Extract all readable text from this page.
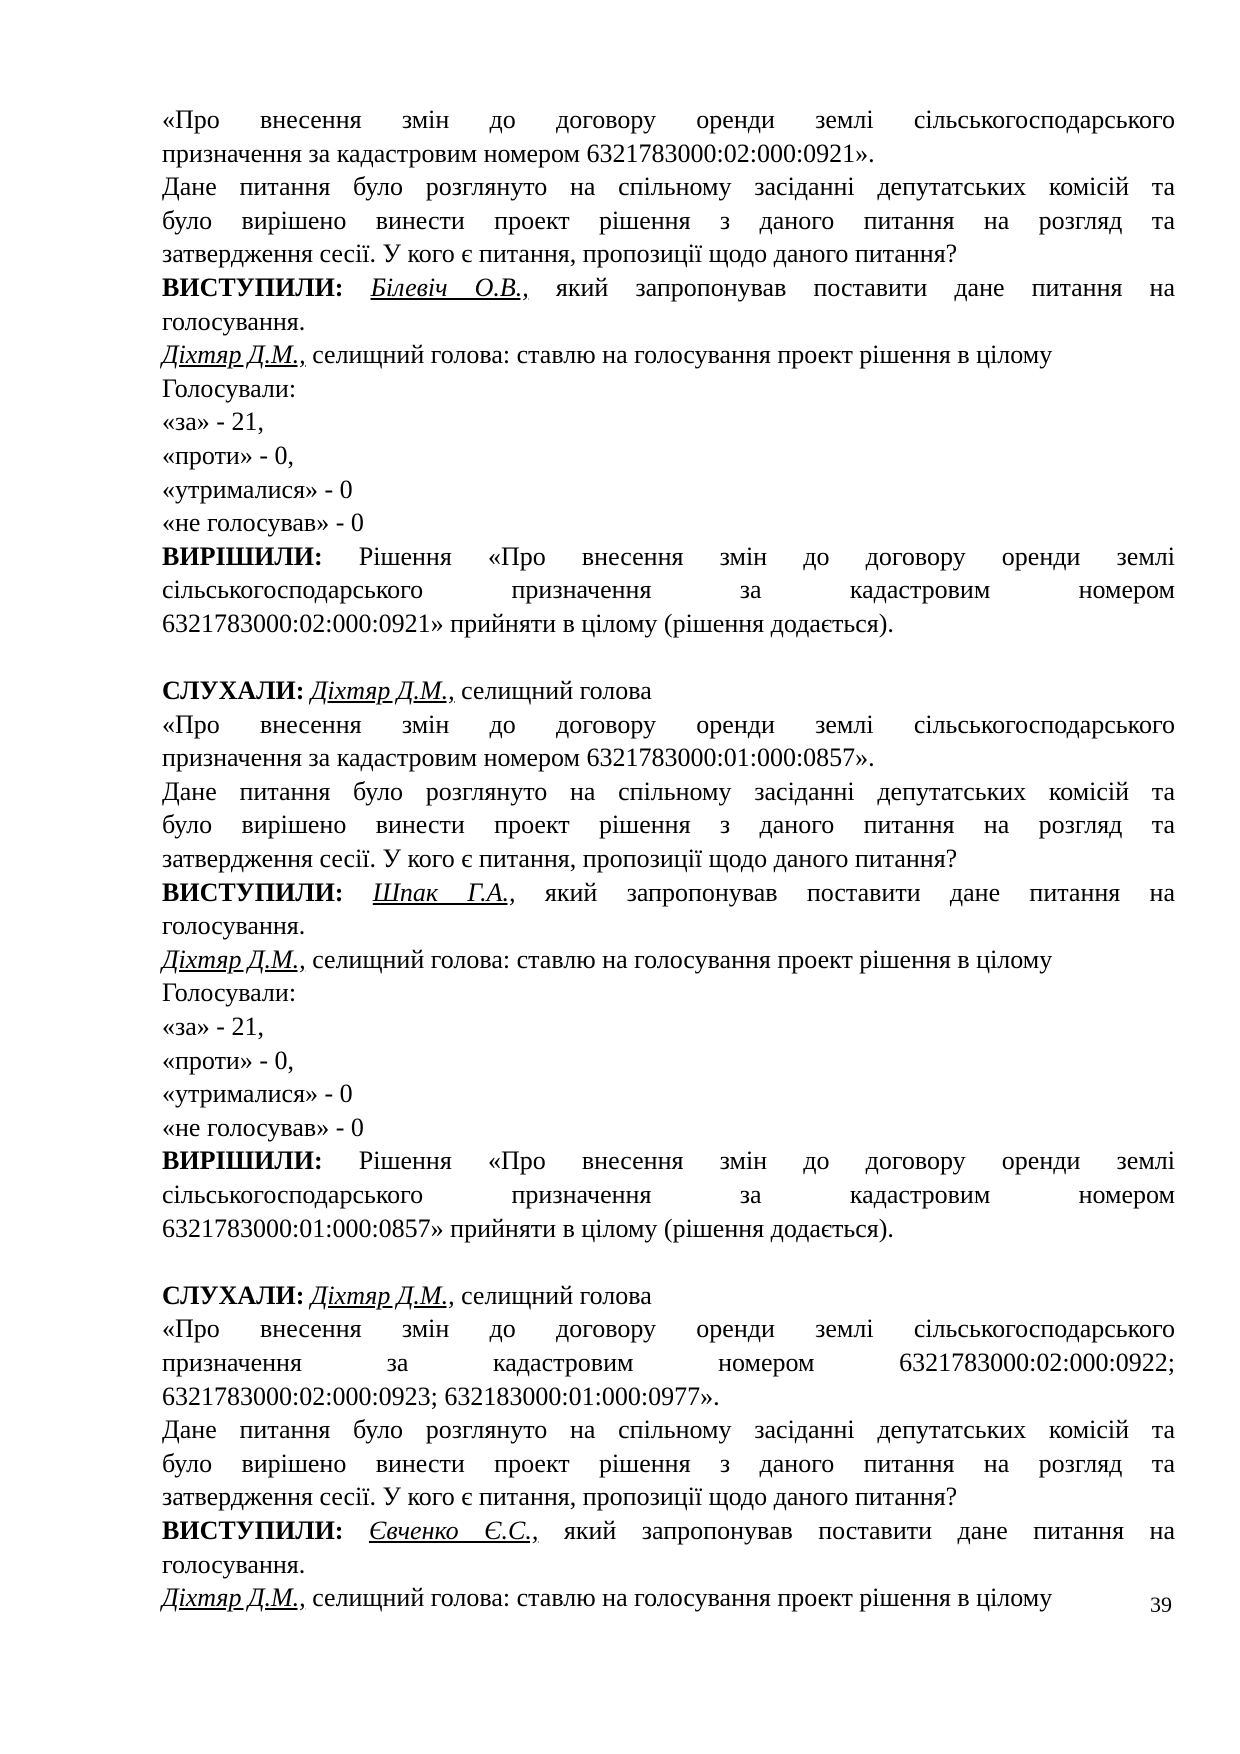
«Про внесення змін до договору оренди землі сільськогосподарського
призначення за кадастровим номером 6321783000:02:000:0921».
Дане питання було розглянуто на спільному засіданні депутатських комісій та
було вирішено винести проект рішення з даного питання на розгляд та
затвердження сесії. У кого є питання, пропозиції щодо даного питання?
ВИСТУПИЛИ: Білевіч О.В., який запропонував поставити дане питання на
голосування.
Діхтяр Д.М., селищний голова: ставлю на голосування проект рішення в цілому
Голосували:
«за» - 21,
«проти» - 0,
«утрималися» - 0
«не голосував» - 0
ВИРІШИЛИ: Рішення «Про внесення змін до договору оренди землі
сільськогосподарського призначення за кадастровим номером
6321783000:02:000:0921» прийняти в цілому (рішення додається).
СЛУХАЛИ: Діхтяр Д.М., селищний голова
«Про внесення змін до договору оренди землі сільськогосподарського
призначення за кадастровим номером 6321783000:01:000:0857».
Дане питання було розглянуто на спільному засіданні депутатських комісій та
було вирішено винести проект рішення з даного питання на розгляд та
затвердження сесії. У кого є питання, пропозиції щодо даного питання?
ВИСТУПИЛИ: Шпак Г.А., який запропонував поставити дане питання на
голосування.
Діхтяр Д.М., селищний голова: ставлю на голосування проект рішення в цілому
Голосували:
«за» - 21,
«проти» - 0,
«утрималися» - 0
«не голосував» - 0
ВИРІШИЛИ: Рішення «Про внесення змін до договору оренди землі
сільськогосподарського призначення за кадастровим номером
6321783000:01:000:0857» прийняти в цілому (рішення додається).
СЛУХАЛИ: Діхтяр Д.М., селищний голова
«Про внесення змін до договору оренди землі сільськогосподарського
призначення за кадастровим номером 6321783000:02:000:0922;
6321783000:02:000:0923; 632183000:01:000:0977».
Дане питання було розглянуто на спільному засіданні депутатських комісій та
було вирішено винести проект рішення з даного питання на розгляд та
затвердження сесії. У кого є питання, пропозиції щодо даного питання?
ВИСТУПИЛИ: Євченко Є.С., який запропонував поставити дане питання на
голосування.
Діхтяр Д.М., селищний голова: ставлю на голосування проект рішення в цілому	39
